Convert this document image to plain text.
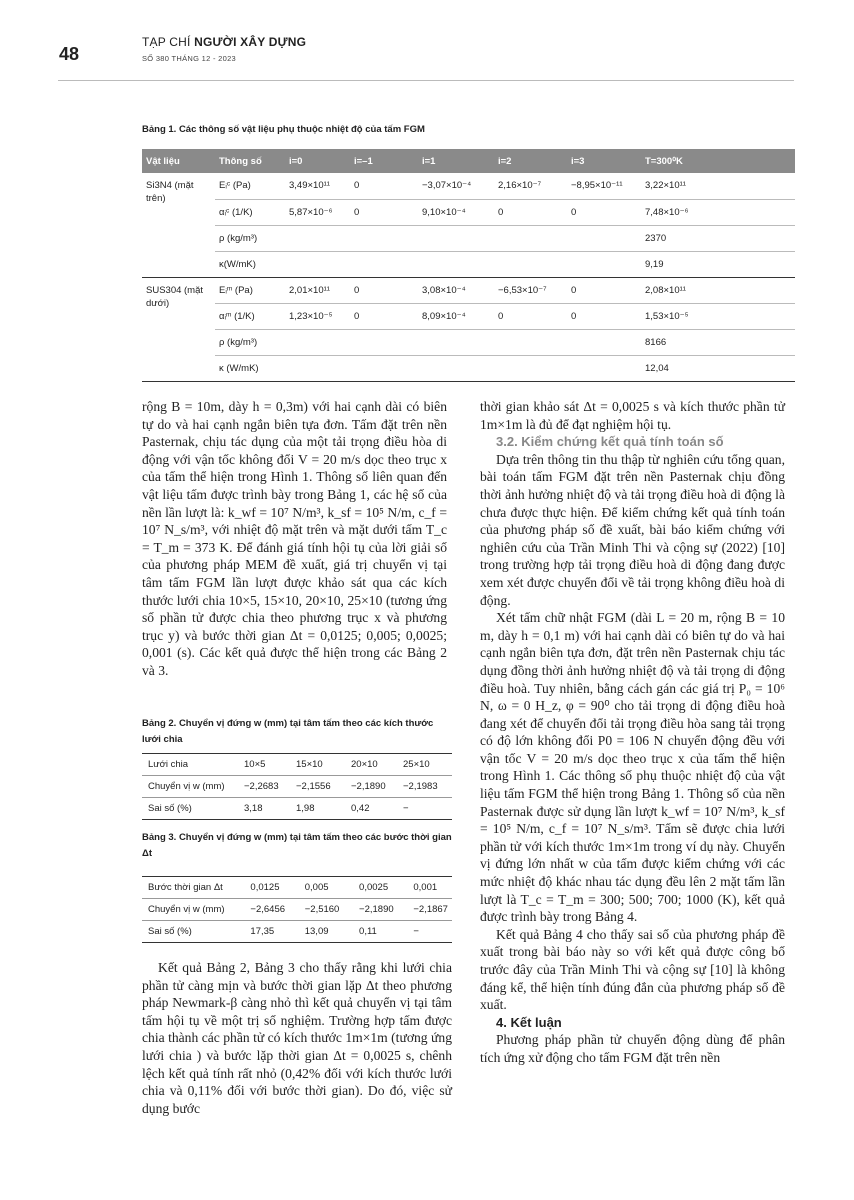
48
TẠP CHÍ NGƯỜI XÂY DỰNG
SỐ 380 THÁNG 12 - 2023
Bảng 1. Các thông số vật liệu phụ thuộc nhiệt độ của tấm FGM
Vật liệu	Thông số	i=0	i=–1	i=1	i=2	i=3	T=300⁰K
Si3N4 (mặt trên)	Eᵢᶜ (Pa)	3,49×10¹¹	0	−3,07×10⁻⁴	2,16×10⁻⁷	−8,95×10⁻¹¹	3,22×10¹¹
	αᵢᶜ (1/K)	5,87×10⁻⁶	0	9,10×10⁻⁴	0	0	7,48×10⁻⁶
	ρ (kg/m³)						2370
	κ(W/mK)						9,19
SUS304 (mặt dưới)	Eᵢᵐ (Pa)	2,01×10¹¹	0	3,08×10⁻⁴	−6,53×10⁻⁷	0	2,08×10¹¹
	αᵢᵐ (1/K)	1,23×10⁻⁵	0	8,09×10⁻⁴	0	0	1,53×10⁻⁵
	ρ (kg/m³)						8166
	κ (W/mK)						12,04

rộng B = 10m, dày h = 0,3m) với hai cạnh dài có biên tự do và hai cạnh ngắn biên tựa đơn. Tấm đặt trên nền Pasternak, chịu tác dụng của một tải trọng điều hòa di động với vận tốc không đổi V = 20 m/s dọc theo trục x của tấm thể hiện trong Hình 1. Thông số liên quan đến vật liệu tấm được trình bày trong Bảng 1, các hệ số của nền lần lượt là: k_wf = 10⁷ N/m³, k_sf = 10⁵ N/m, c_f = 10⁷ N_s/m³, với nhiệt độ mặt trên và mặt dưới tấm T_c = T_m = 373 K. Để đánh giá tính hội tụ của lời giải số của phương pháp MEM đề xuất, giá trị chuyển vị tại tâm tấm FGM lần lượt được khảo sát qua các kích thước lưới chia 10×5, 15×10, 20×10, 25×10 (tương ứng số phần tử được chia theo phương trục x và phương trục y) và bước thời gian Δt = 0,0125; 0,005; 0,0025; 0,001 (s). Các kết quả được thể hiện trong các Bảng 2 và 3.

Bảng 2. Chuyển vị đứng w (mm) tại tâm tấm theo các kích thước lưới chia
Lưới chia	10×5	15×10	20×10	25×10
Chuyển vị w (mm)	−2,2683	−2,1556	−2,1890	−2,1983
Sai số (%)	3,18	1,98	0,42	−
Bảng 3. Chuyển vị đứng w (mm) tại tâm tấm theo các bước thời gian Δt
Bước thời gian Δt	0,0125	0,005	0,0025	0,001
Chuyển vị w (mm)	−2,6456	−2,5160	−2,1890	−2,1867
Sai số (%)	17,35	13,09	0,11	−

Kết quả Bảng 2, Bảng 3 cho thấy rằng khi lưới chia phần tử càng mịn và bước thời gian lặp Δt theo phương pháp Newmark-β càng nhỏ thì kết quả chuyển vị tại tâm tấm hội tụ về một trị số nghiệm. Trường hợp tấm được chia thành các phần tử có kích thước 1m×1m (tương ứng lưới chia ) và bước lặp thời gian Δt = 0,0025 s, chênh lệch kết quả tính rất nhỏ (0,42% đối với kích thước lưới chia và 0,11% đối với bước thời gian). Do đó, việc sử dụng bước

thời gian khảo sát Δt = 0,0025 s và kích thước phần tử 1m×1m là đủ để đạt nghiệm hội tụ.

3.2. Kiểm chứng kết quả tính toán số

Dựa trên thông tin thu thập từ nghiên cứu tổng quan, bài toán tấm FGM đặt trên nền Pasternak chịu đồng thời ảnh hưởng nhiệt độ và tải trọng điều hoà di động là chưa được thực hiện. Để kiểm chứng kết quả tính toán của phương pháp số đề xuất, bài báo kiểm chứng với nghiên cứu của Trần Minh Thi và cộng sự (2022) [10] trong trường hợp tải trọng điều hoà di động đang được xem xét được chuyển đổi về tải trọng không điều hoà di động.

Xét tấm chữ nhật FGM (dài L = 20 m, rộng B = 10 m, dày h = 0,1 m) với hai cạnh dài có biên tự do và hai cạnh ngắn biên tựa đơn, đặt trên nền Pasternak chịu tác dụng đồng thời ảnh hưởng nhiệt độ và tải trọng di động điều hoà. Tuy nhiên, bằng cách gán các giá trị P₀ = 10⁶ N, ω = 0 H_z, φ = 90⁰ cho tải trọng di động điều hoà đang xét để chuyển đổi tải trọng điều hòa sang tải trọng có độ lớn không đổi P0 = 106 N chuyển động đều với vận tốc V = 20 m/s dọc theo trục x của tấm thể hiện trong Hình 1. Các thông số phụ thuộc nhiệt độ của vật liệu tấm FGM thể hiện trong Bảng 1. Thông số của nền Pasternak được sử dụng lần lượt k_wf = 10⁷ N/m³, k_sf = 10⁵ N/m, c_f = 10⁷ N_s/m³. Tấm sẽ được chia lưới phần tử với kích thước 1m×1m trong ví dụ này. Chuyển vị đứng lớn nhất w của tấm được kiểm chứng với các mức nhiệt độ khác nhau tác dụng đều lên 2 mặt tấm lần lượt là T_c = T_m = 300; 500; 700; 1000 (K), kết quả được trình bày trong Bảng 4.

Kết quả Bảng 4 cho thấy sai số của phương pháp đề xuất trong bài báo này so với kết quả được công bố trước đây của Trần Minh Thi và cộng sự [10] là không đáng kể, thể hiện tính đúng đắn của phương pháp số đề xuất.

4. Kết luận

Phương pháp phần tử chuyển động dùng để phân tích ứng xử động cho tấm FGM đặt trên nền
